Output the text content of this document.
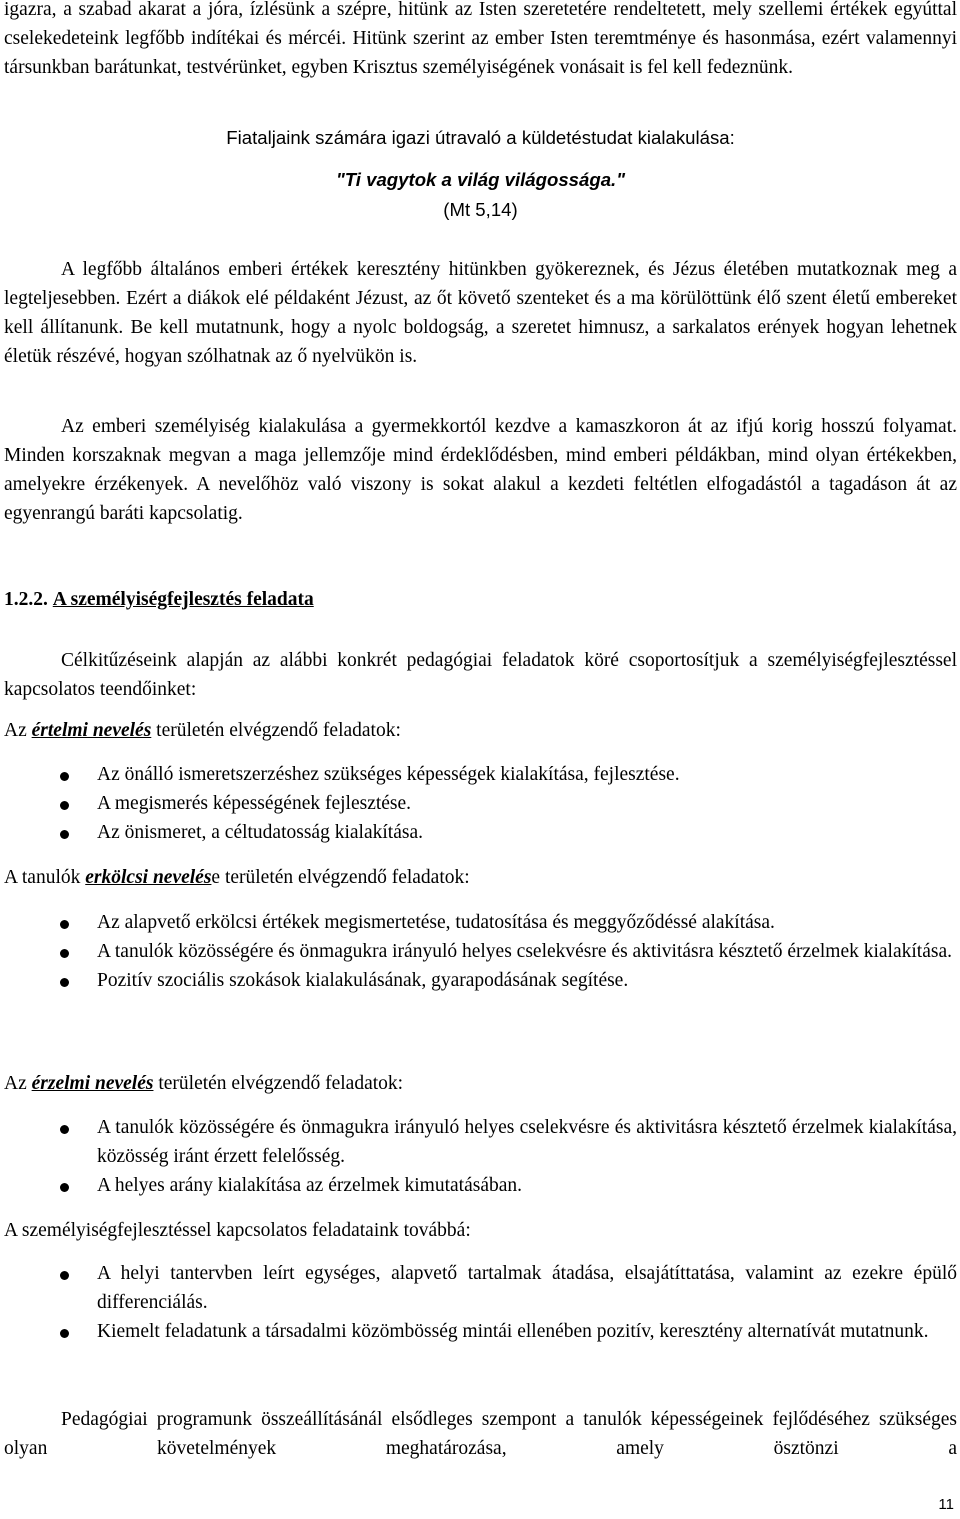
igazra, a szabad akarat a jóra, ízlésünk a szépre, hitünk az Isten szeretetére rendeltetett, mely szellemi értékek egyúttal cselekedeteink legfőbb indítékai és mércéi. Hitünk szerint az ember Isten teremtménye és hasonmása, ezért valamennyi társunkban barátunkat, testvérünket, egyben Krisztus személyiségének vonásait is fel kell fedeznünk.

Fiataljaink számára igazi útravaló a küldetéstudat kialakulása:

"Ti vagytok a világ világossága."

(Mt 5,14)

A legfőbb általános emberi értékek keresztény hitünkben gyökereznek, és Jézus életében mutatkoznak meg a legteljesebben. Ezért a diákok elé példaként Jézust, az őt követő szenteket és a ma körülöttünk élő szent életű embereket kell állítanunk. Be kell mutatnunk, hogy a nyolc boldogság, a szeretet himnusz, a sarkalatos erények hogyan lehetnek életük részévé, hogyan szólhatnak az ő nyelvükön is.

Az emberi személyiség kialakulása a gyermekkortól kezdve a kamaszkoron át az ifjú korig hosszú folyamat. Minden korszaknak megvan a maga jellemzője mind érdeklődésben, mind emberi példákban, mind olyan értékekben, amelyekre érzékenyek. A nevelőhöz való viszony is sokat alakul a kezdeti feltétlen elfogadástól a tagadáson át az egyenrangú baráti kapcsolatig.

1.2.2. A személyiségfejlesztés feladata

Célkitűzéseink alapján az alábbi konkrét pedagógiai feladatok köré csoportosítjuk a személyiségfejlesztéssel kapcsolatos teendőinket:

Az értelmi nevelés területén elvégzendő feladatok:

Az önálló ismeretszerzéshez szükséges képességek kialakítása, fejlesztése.
A megismerés képességének fejlesztése.
Az önismeret, a céltudatosság kialakítása.

A tanulók erkölcsi nevelése területén elvégzendő feladatok:

Az alapvető erkölcsi értékek megismertetése, tudatosítása és meggyőződéssé alakítása.
A tanulók közösségére és önmagukra irányuló helyes cselekvésre és aktivitásra késztető érzelmek kialakítása.
Pozitív szociális szokások kialakulásának, gyarapodásának segítése.

Az érzelmi nevelés területén elvégzendő feladatok:

A tanulók közösségére és önmagukra irányuló helyes cselekvésre és aktivitásra késztető érzelmek kialakítása, közösség iránt érzett felelősség.
A helyes arány kialakítása az érzelmek kimutatásában.

A személyiségfejlesztéssel kapcsolatos feladataink továbbá:

A helyi tantervben leírt egységes, alapvető tartalmak átadása, elsajátíttatása, valamint az ezekre épülő differenciálás.
Kiemelt feladatunk a társadalmi közömbösség mintái ellenében pozitív, keresztény alternatívát mutatnunk.

Pedagógiai programunk összeállításánál elsődleges szempont a tanulók képességeinek fejlődéséhez szükséges olyan követelmények meghatározása, amely ösztönzi a

11
